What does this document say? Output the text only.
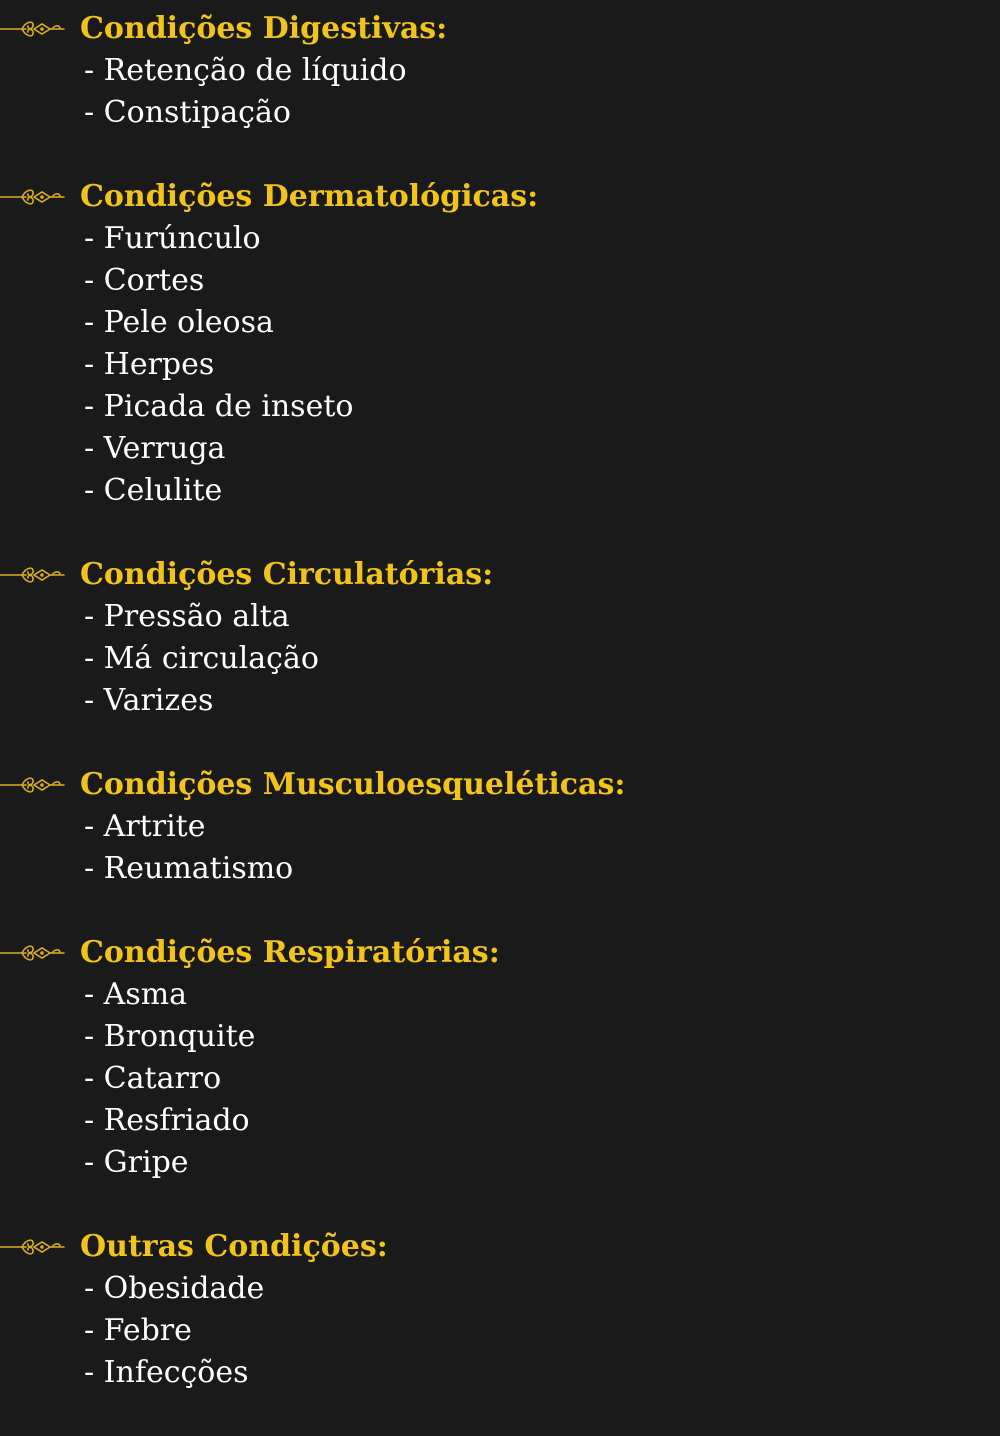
Condições Digestivas:
- Retenção de líquido
- Constipação
Condições Dermatológicas:
- Furúnculo
- Cortes
- Pele oleosa
- Herpes
- Picada de inseto
- Verruga
- Celulite
Condições Circulatórias:
- Pressão alta
- Má circulação
- Varizes
Condições Musculoesqueléticas:
- Artrite
- Reumatismo
Condições Respiratórias:
- Asma
- Bronquite
- Catarro
- Resfriado
- Gripe
Outras Condições:
- Obesidade
- Febre
- Infecções
